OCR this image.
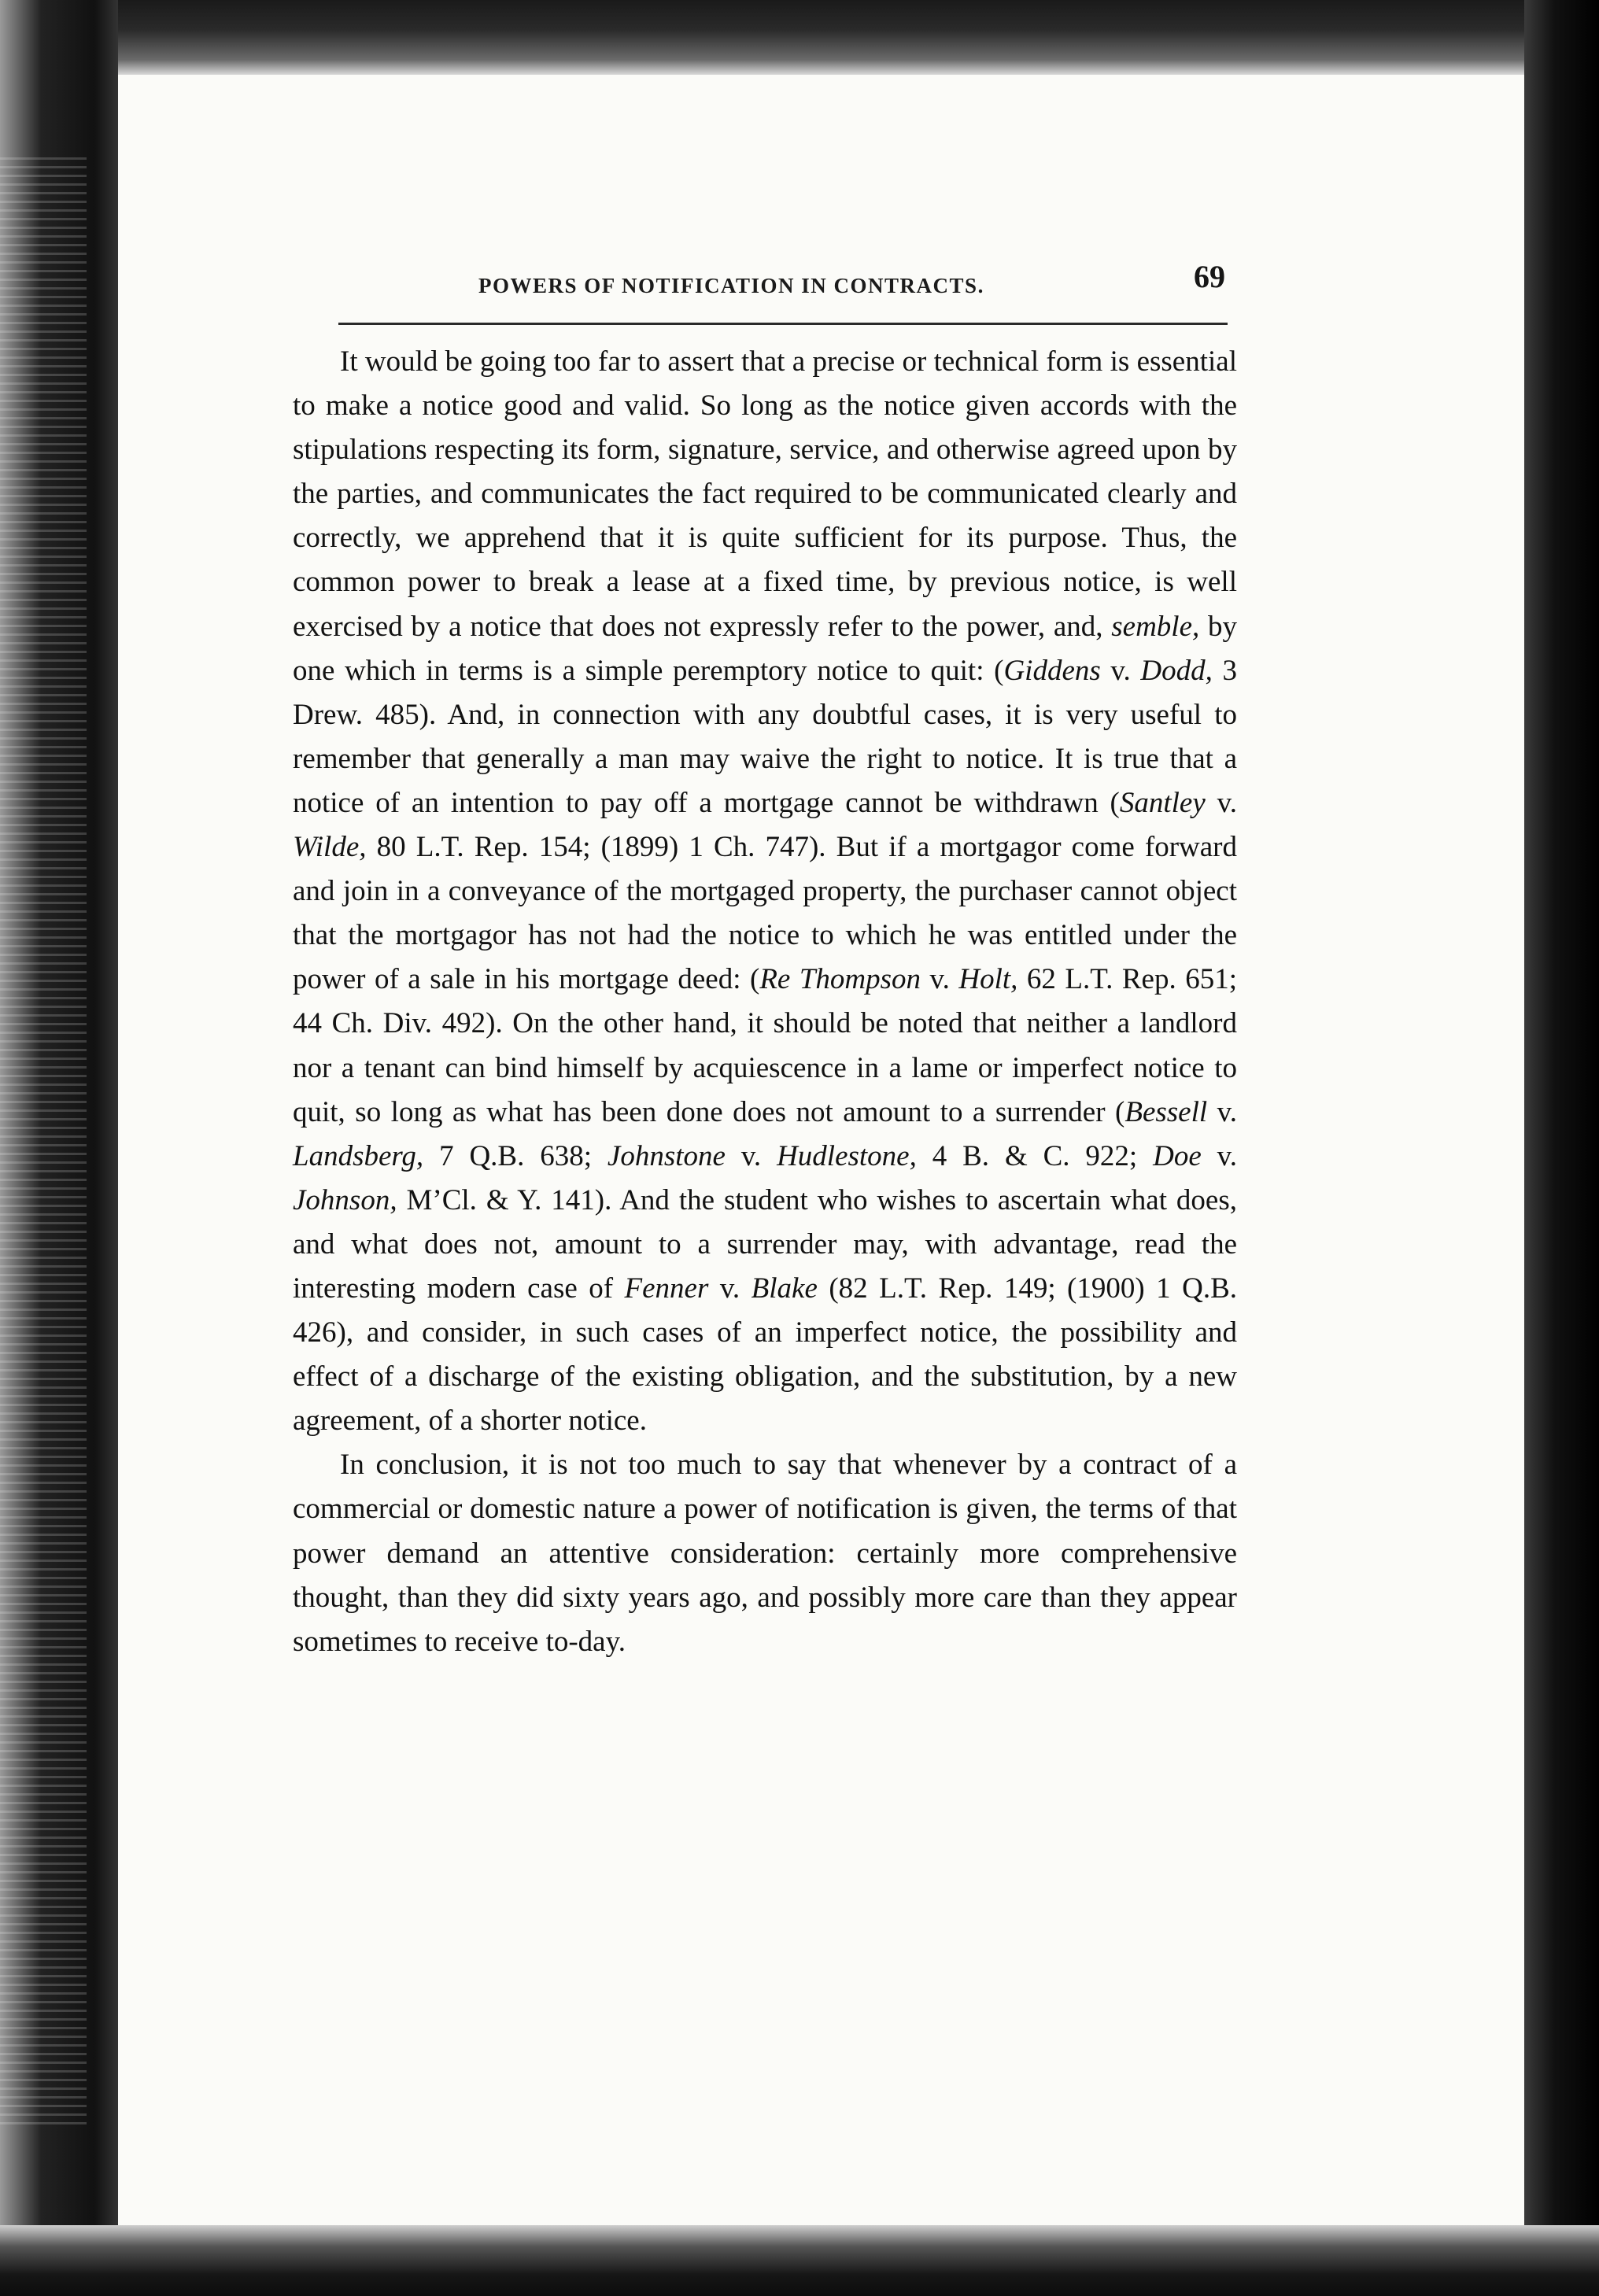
POWERS OF NOTIFICATION IN CONTRACTS.	69

It would be going too far to assert that a precise or technical form is essential to make a notice good and valid. So long as the notice given accords with the stipulations respecting its form, signature, service, and otherwise agreed upon by the parties, and communicates the fact required to be communicated clearly and correctly, we apprehend that it is quite sufficient for its purpose. Thus, the common power to break a lease at a fixed time, by previous notice, is well exercised by a notice that does not expressly refer to the power, and, semble, by one which in terms is a simple peremptory notice to quit: (Giddens v. Dodd, 3 Drew. 485). And, in connection with any doubtful cases, it is very useful to remember that generally a man may waive the right to notice. It is true that a notice of an intention to pay off a mortgage cannot be withdrawn (Santley v. Wilde, 80 L.T. Rep. 154; (1899) 1 Ch. 747). But if a mortgagor come forward and join in a conveyance of the mortgaged property, the purchaser cannot object that the mortgagor has not had the notice to which he was entitled under the power of a sale in his mortgage deed: (Re Thompson v. Holt, 62 L.T. Rep. 651; 44 Ch. Div. 492). On the other hand, it should be noted that neither a landlord nor a tenant can bind himself by acquiescence in a lame or imperfect notice to quit, so long as what has been done does not amount to a surrender (Bessell v. Landsberg, 7 Q.B. 638; Johnstone v. Hudlestone, 4 B. & C. 922; Doe v. Johnson, M’Cl. & Y. 141). And the student who wishes to ascertain what does, and what does not, amount to a surrender may, with advantage, read the interesting modern case of Fenner v. Blake (82 L.T. Rep. 149; (1900) 1 Q.B. 426), and consider, in such cases of an imperfect notice, the possibility and effect of a discharge of the existing obligation, and the substitution, by a new agreement, of a shorter notice.

In conclusion, it is not too much to say that whenever by a contract of a commercial or domestic nature a power of notification is given, the terms of that power demand an attentive consideration: certainly more comprehensive thought, than they did sixty years ago, and possibly more care than they appear sometimes to receive to-day.
